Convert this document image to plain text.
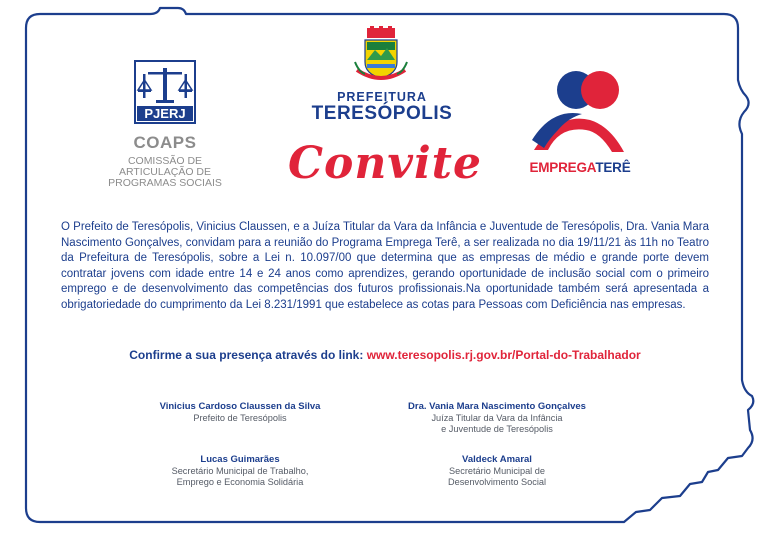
PJERJ
COAPS
COMISSÃO DE
ARTICULAÇÃO DE
PROGRAMAS SOCIAIS
PREFEITURA
TERESÓPOLIS
Convite	EMPREGATERÊ
O Prefeito de Teresópolis, Vinicius Claussen, e a Juíza Titular da Vara da Infância e Juventude de Teresópolis, Dra. Vania Mara Nascimento Gonçalves, convidam para a reunião do Programa Emprega Terê, a ser realizada no dia 19/11/21 às 11h no Teatro da Prefeitura de Teresópolis, sobre a Lei n. 10.097/00 que determina que as empresas de médio e grande porte devem contratar jovens com idade entre 14 e 24 anos como aprendizes, gerando oportunidade de inclusão social com o primeiro emprego e de desenvolvimento das competências dos futuros profissionais.Na oportunidade também será apresentada a obrigatoriedade do cumprimento da Lei 8.231/1991 que estabelece as cotas para Pessoas com Deficiência nas empresas.
Confirme a sua presença através do link: www.teresopolis.rj.gov.br/Portal-do-Trabalhador
Vinicius Cardoso Claussen da Silva
Prefeito de Teresópolis
Dra. Vania Mara Nascimento Gonçalves
Juíza Titular da Vara da Infância
e Juventude de Teresópolis
Lucas Guimarães
Secretário Municipal de Trabalho,
Emprego e Economia Solidária
Valdeck Amaral
Secretário Municipal de
Desenvolvimento Social
